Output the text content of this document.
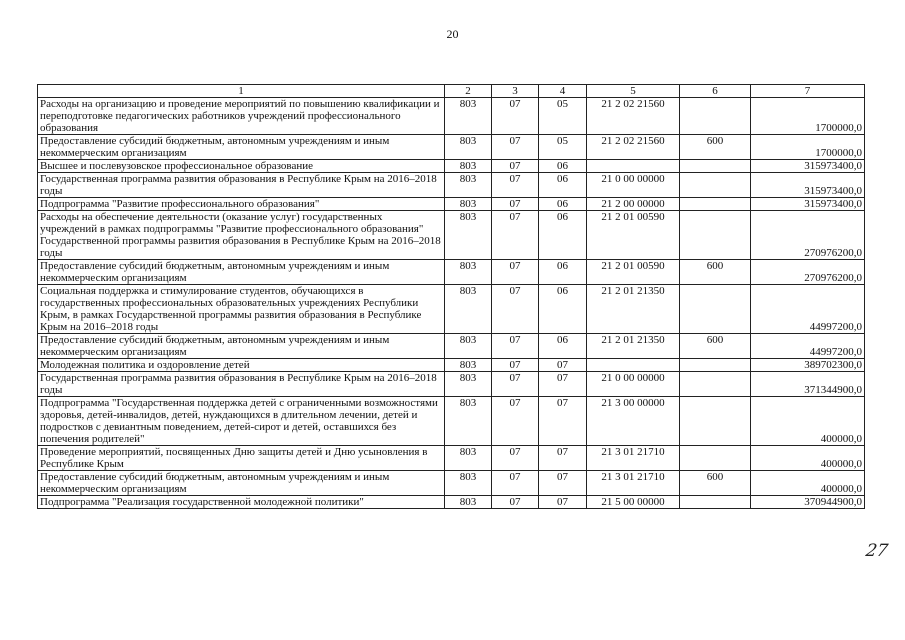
20
1	2	3	4	5	6	7
Расходы на организацию и проведение мероприятий по повышению квалификации и переподготовке педагогических работников учреждений профессионального образования	803	07	05	21 2 02 21560		1700000,0
Предоставление субсидий бюджетным, автономным учреждениям и иным некоммерческим организациям	803	07	05	21 2 02 21560	600	1700000,0
Высшее и послевузовское профессиональное образование	803	07	06			315973400,0
Государственная программа развития образования в Республике Крым на 2016–2018 годы	803	07	06	21 0 00 00000		315973400,0
Подпрограмма "Развитие профессионального образования"	803	07	06	21 2 00 00000		315973400,0
Расходы на обеспечение деятельности (оказание услуг) государственных учреждений в рамках подпрограммы "Развитие профессионального образования" Государственной программы развития образования в Республике Крым на 2016–2018 годы	803	07	06	21 2 01 00590		270976200,0
Предоставление субсидий бюджетным, автономным учреждениям и иным некоммерческим организациям	803	07	06	21 2 01 00590	600	270976200,0
Социальная поддержка и стимулирование студентов, обучающихся в государственных профессиональных образовательных учреждениях Республики Крым, в рамках Государственной программы развития образования в Республике Крым на 2016–2018 годы	803	07	06	21 2 01 21350		44997200,0
Предоставление субсидий бюджетным, автономным учреждениям и иным некоммерческим организациям	803	07	06	21 2 01 21350	600	44997200,0
Молодежная политика и оздоровление детей	803	07	07			389702300,0
Государственная программа развития образования в Республике Крым на 2016–2018 годы	803	07	07	21 0 00 00000		371344900,0
Подпрограмма "Государственная поддержка детей с ограниченными возможностями здоровья, детей-инвалидов, детей, нуждающихся в длительном лечении, детей и подростков с девиантным поведением, детей-сирот и детей, оставшихся без попечения родителей"	803	07	07	21 3 00 00000		400000,0
Проведение мероприятий, посвященных Дню защиты детей и Дню усыновления в Республике Крым	803	07	07	21 3 01 21710		400000,0
Предоставление субсидий бюджетным, автономным учреждениям и иным некоммерческим организациям	803	07	07	21 3 01 21710	600	400000,0
Подпрограмма "Реализация государственной молодежной политики"	803	07	07	21 5 00 00000		370944900,0
27
